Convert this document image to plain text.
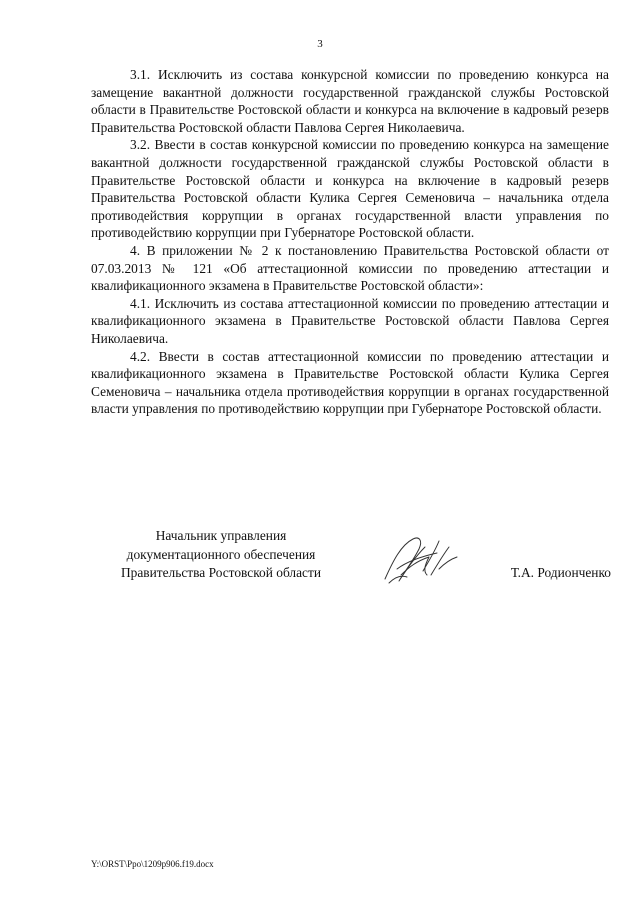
3

3.1. Исключить из состава конкурсной комиссии по проведению конкурса на замещение вакантной должности государственной гражданской службы Ростовской области в Правительстве Ростовской области и конкурса на включение в кадровый резерв Правительства Ростовской области Павлова Сергея Николаевича.

3.2. Ввести в состав конкурсной комиссии по проведению конкурса на замещение вакантной должности государственной гражданской службы Ростовской области в Правительстве Ростовской области и конкурса на включение в кадровый резерв Правительства Ростовской области Кулика Сергея Семеновича – начальника отдела противодействия коррупции в органах государственной власти управления по противодействию коррупции при Губернаторе Ростовской области.

4. В приложении № 2 к постановлению Правительства Ростовской области от 07.03.2013 № 121 «Об аттестационной комиссии по проведению аттестации и квалификационного экзамена в Правительстве Ростовской области»:

4.1. Исключить из состава аттестационной комиссии по проведению аттестации и квалификационного экзамена в Правительстве Ростовской области Павлова Сергея Николаевича.

4.2. Ввести в состав аттестационной комиссии по проведению аттестации и квалификационного экзамена в Правительстве Ростовской области Кулика Сергея Семеновича – начальника отдела противодействия коррупции в органах государственной власти управления по противодействию коррупции при Губернаторе Ростовской области.

Начальник управления
документационного обеспечения
Правительства Ростовской области	Т.А. Родионченко
Y:\ORST\Ppo\1209p906.f19.docx
